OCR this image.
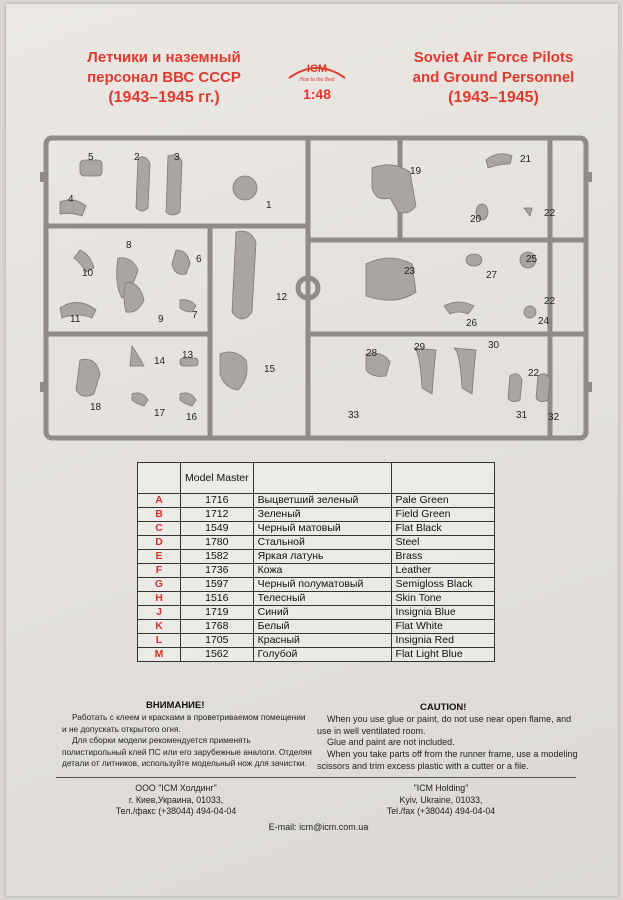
Летчики и наземный
персонал ВВС СССР
(1943–1945 гг.)
ICM
How to the Best
1:48
Soviet Air Force Pilots
and Ground Personnel
(1943–1945)
1
2	3
4
5
6
7
8
9
10
11
12
13
14
15
16
17
18
19
20
21
22
22
22
23
24
25
26
27
28
29	30
31 32
33
	Model Master		
A	1716	Выцветший зеленый	Pale Green
B	1712	Зеленый	Field Green
C	1549	Черный матовый	Flat Black
D	1780	Стальной	Steel
E	1582	Яркая латунь	Brass
F	1736	Кожа	Leather
G	1597	Черный полуматовый	Semigloss Black
H	1516	Телесный	Skin Tone
J	1719	Синий	Insignia Blue
K	1768	Белый	Flat White
L	1705	Красный	Insignia Red
M	1562	Голубой	Flat Light Blue
ВНИМАНИЕ!

Работать с клеем и красками в проветриваемом помещении и не допускать открытого огня.

Для сборки модели рекомендуется применять полистирольный клей ПС или его зарубежные аналоги. Отделяя детали от литников, используйте модельный нож для зачистки.

CAUTION!

When you use glue or paint, do not use near open flame, and use in well ventilated room.

Glue and paint are not included.

When you take parts off from the runner frame, use a modeling scissors and trim excess plastic with a cutter or a file.

ООО "ICM Холдинг"
г. Киев,Украина, 01033,
Тел./факс (+38044) 494-04-04
"ICM Holding"
Kyiv, Ukraine, 01033,
Tel./fax (+38044) 494-04-04
E-mail: icm@icm.com.ua
